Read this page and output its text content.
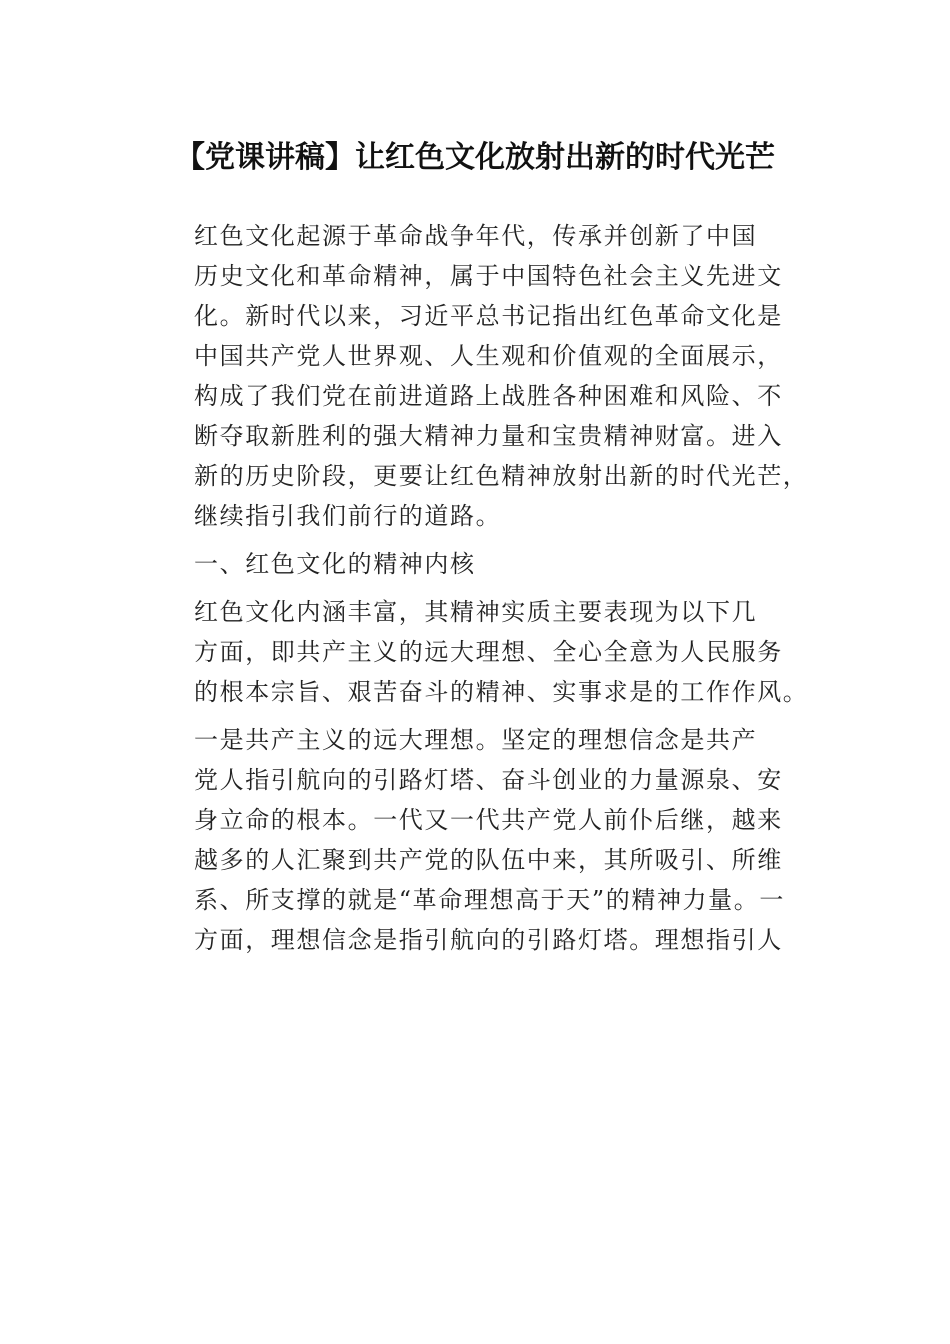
【党课讲稿】让红色文化放射出新的时代光芒

红色文化起源于革命战争年代，传承并创新了中国
历史文化和革命精神，属于中国特色社会主义先进文
化。新时代以来，习近平总书记指出红色革命文化是
中国共产党人世界观、人生观和价值观的全面展示，
构成了我们党在前进道路上战胜各种困难和风险、不
断夺取新胜利的强大精神力量和宝贵精神财富。进入
新的历史阶段，更要让红色精神放射出新的时代光芒，
继续指引我们前行的道路。

一、红色文化的精神内核

红色文化内涵丰富，其精神实质主要表现为以下几
方面，即共产主义的远大理想、全心全意为人民服务
的根本宗旨、艰苦奋斗的精神、实事求是的工作作风。

一是共产主义的远大理想。坚定的理想信念是共产
党人指引航向的引路灯塔、奋斗创业的力量源泉、安
身立命的根本。一代又一代共产党人前仆后继，越来
越多的人汇聚到共产党的队伍中来，其所吸引、所维
系、所支撑的就是“革命理想高于天”的精神力量。一
方面，理想信念是指引航向的引路灯塔。理想指引人
